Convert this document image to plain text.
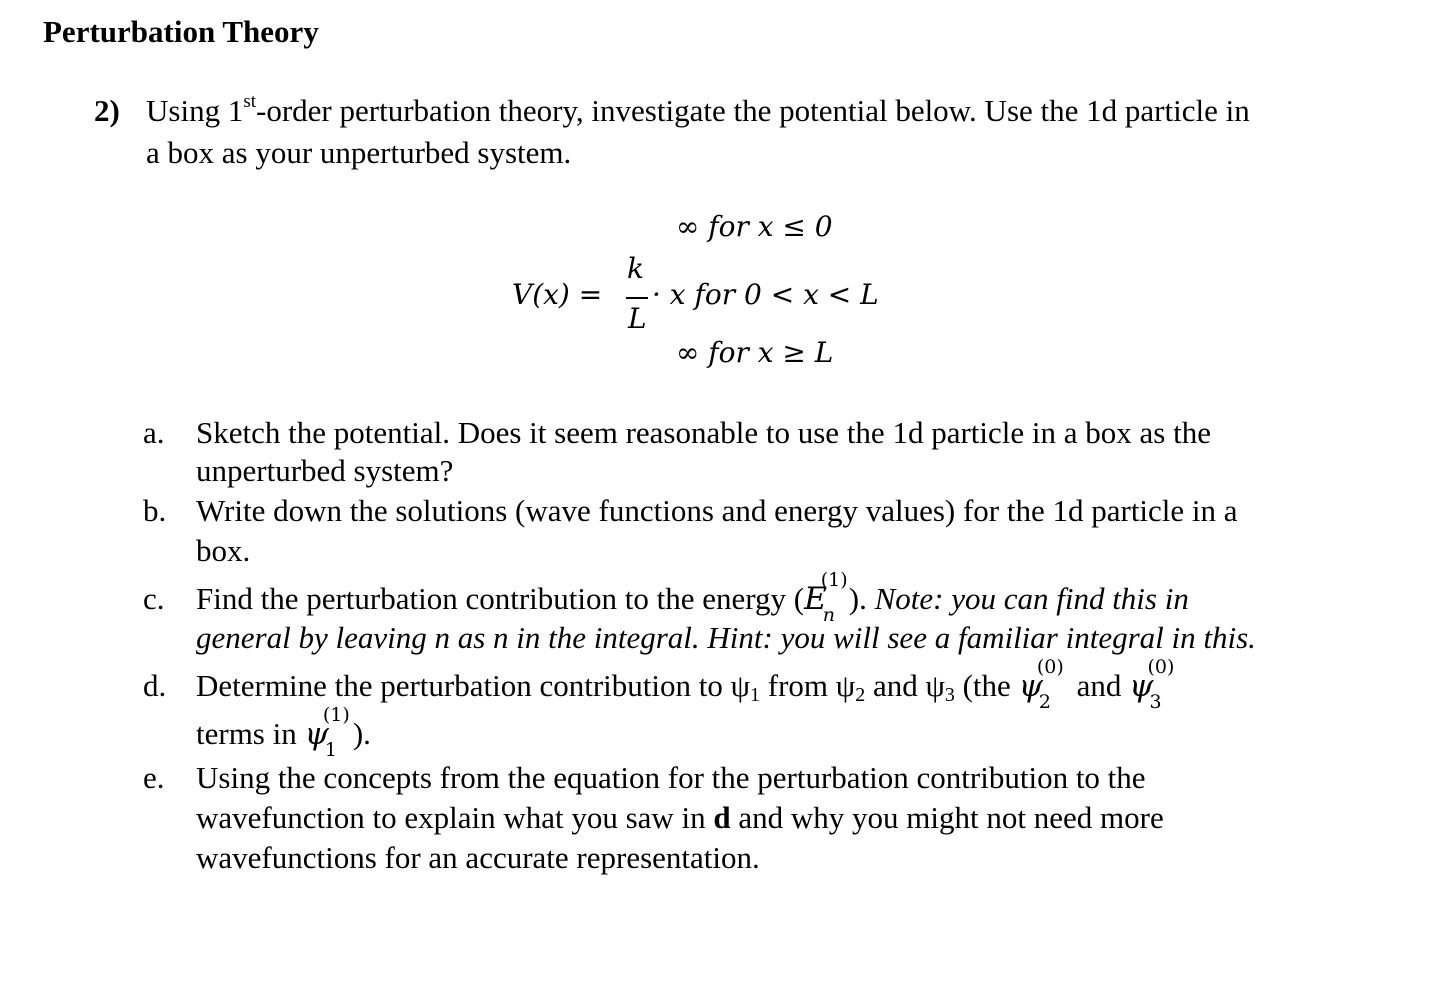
Perturbation Theory
2) Using 1st-order perturbation theory, investigate the potential below. Use the 1d particle in
a box as your unperturbed system.
∞ for x ≤ 0
V(x) =
k
L
· x for 0 < x < L
∞ for x ≥ L
a. Sketch the potential. Does it seem reasonable to use the 1d particle in a box as the
unperturbed system?
b. Write down the solutions (wave functions and energy values) for the 1d particle in a
box.
c. Find the perturbation contribution to the energy (E
(1)
n ). Note: you can find this in
general by leaving n as n in the integral. Hint: you will see a familiar integral in this.
d. Determine the perturbation contribution to ψ1 from ψ2 and ψ3 (the ψ
(0)
2 and ψ
(0)
3
terms in ψ
(1)
1 ).
e. Using the concepts from the equation for the perturbation contribution to the
wavefunction to explain what you saw in d and why you might not need more
wavefunctions for an accurate representation.
